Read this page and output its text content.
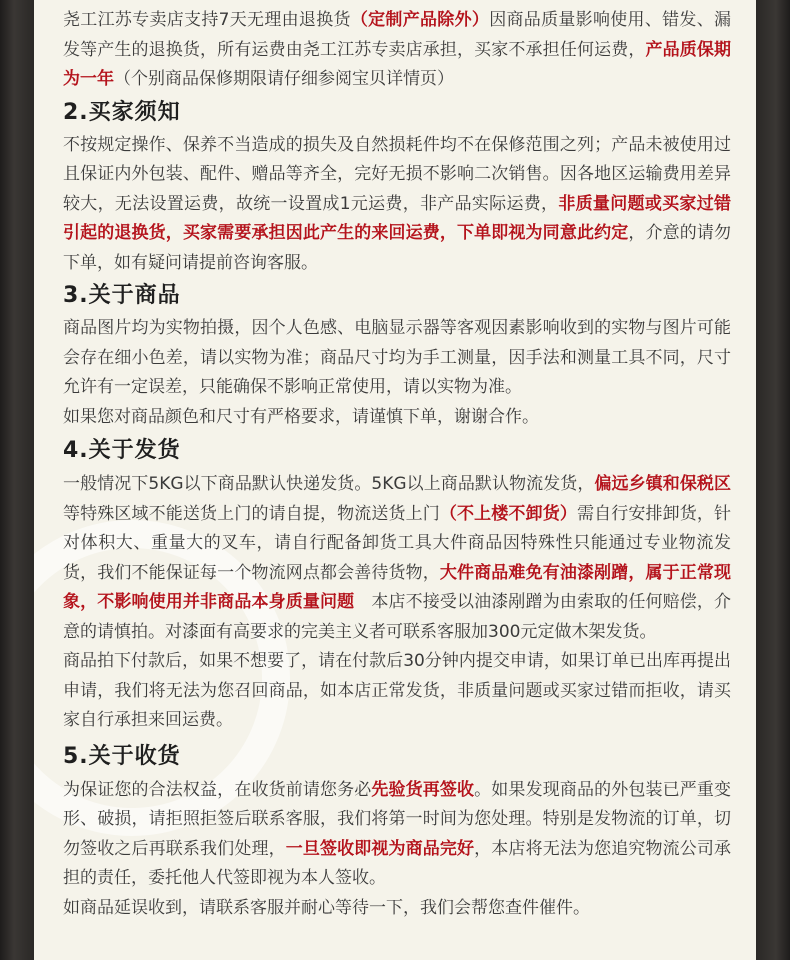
尧工江苏专卖店支持7天无理由退换货（定制产品除外）因商品质量影响使用、错发、漏发等产生的退换货，所有运费由尧工江苏专卖店承担，买家不承担任何运费，产品质保期为一年（个别商品保修期限请仔细参阅宝贝详情页）

2.买家须知

不按规定操作、保养不当造成的损失及自然损耗件均不在保修范围之列；产品未被使用过且保证内外包装、配件、赠品等齐全，完好无损不影响二次销售。因各地区运输费用差异较大，无法设置运费，故统一设置成1元运费，非产品实际运费，非质量问题或买家过错引起的退换货，买家需要承担因此产生的来回运费，下单即视为同意此约定，介意的请勿下单，如有疑问请提前咨询客服。

3.关于商品

商品图片均为实物拍摄，因个人色感、电脑显示器等客观因素影响收到的实物与图片可能会存在细小色差，请以实物为准；商品尺寸均为手工测量，因手法和测量工具不同，尺寸允许有一定误差，只能确保不影响正常使用，请以实物为准。

如果您对商品颜色和尺寸有严格要求，请谨慎下单，谢谢合作。

4.关于发货

一般情况下5KG以下商品默认快递发货。5KG以上商品默认物流发货，偏远乡镇和保税区等特殊区域不能送货上门的请自提，物流送货上门（不上楼不卸货）需自行安排卸货，针对体积大、重量大的叉车，请自行配备卸货工具大件商品因特殊性只能通过专业物流发货，我们不能保证每一个物流网点都会善待货物，大件商品难免有油漆剐蹭，属于正常现象，不影响使用并非商品本身质量问题　本店不接受以油漆剐蹭为由索取的任何赔偿，介意的请慎拍。对漆面有高要求的完美主义者可联系客服加300元定做木架发货。

商品拍下付款后，如果不想要了，请在付款后30分钟内提交申请，如果订单已出库再提出申请，我们将无法为您召回商品，如本店正常发货，非质量问题或买家过错而拒收，请买家自行承担来回运费。

5.关于收货

为保证您的合法权益，在收货前请您务必先验货再签收。如果发现商品的外包装已严重变形、破损，请拒照拒签后联系客服，我们将第一时间为您处理。特别是发物流的订单，切勿签收之后再联系我们处理，一旦签收即视为商品完好，本店将无法为您追究物流公司承担的责任，委托他人代签即视为本人签收。

如商品延误收到，请联系客服并耐心等待一下，我们会帮您查件催件。
